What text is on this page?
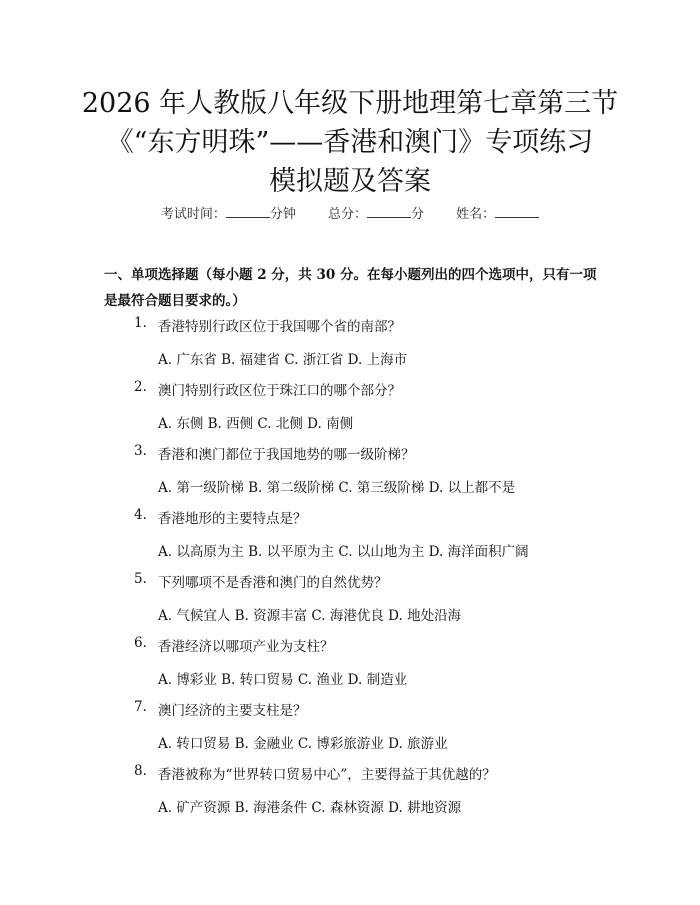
2026 年人教版八年级下册地理第七章第三节
《“东方明珠”——香港和澳门》专项练习
模拟题及答案
考试时间：	分钟 总分：	分 姓名：

一、单项选择题（每小题 2 分，共 30 分。在每小题列出的四个选项中，只有一项是最符合题目要求的。）

1. 香港特别行政区位于我国哪个省的南部？
A. 广东省 B. 福建省 C. 浙江省 D. 上海市
2. 澳门特别行政区位于珠江口的哪个部分？
A. 东侧 B. 西侧 C. 北侧 D. 南侧
3. 香港和澳门都位于我国地势的哪一级阶梯？
A. 第一级阶梯 B. 第二级阶梯 C. 第三级阶梯 D. 以上都不是
4. 香港地形的主要特点是？
A. 以高原为主 B. 以平原为主 C. 以山地为主 D. 海洋面积广阔
5. 下列哪项不是香港和澳门的自然优势？
A. 气候宜人 B. 资源丰富 C. 海港优良 D. 地处沿海
6. 香港经济以哪项产业为支柱？
A. 博彩业 B. 转口贸易 C. 渔业 D. 制造业
7. 澳门经济的主要支柱是？
A. 转口贸易 B. 金融业 C. 博彩旅游业 D. 旅游业
8. 香港被称为“世界转口贸易中心”，主要得益于其优越的？
A. 矿产资源 B. 海港条件 C. 森林资源 D. 耕地资源
